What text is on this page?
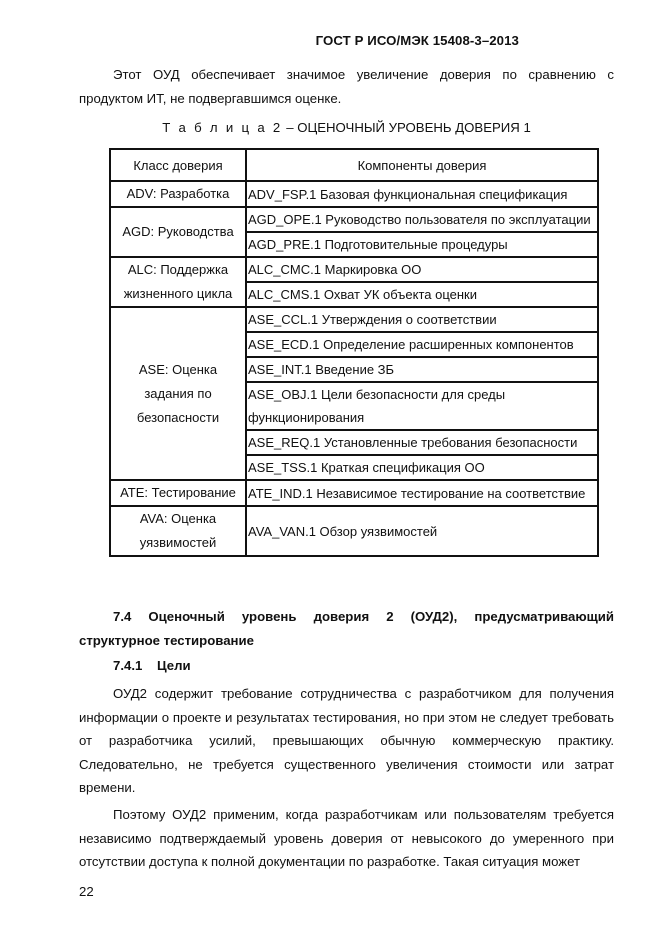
ГОСТ Р ИСО/МЭК 15408-3–2013
Этот ОУД обеспечивает значимое увеличение доверия по сравнению с продуктом ИТ, не подвергавшимся оценке.
Т а б л и ц а 2 – ОЦЕНОЧНЫЙ УРОВЕНЬ ДОВЕРИЯ 1
Класс доверия	Компоненты доверия
ADV: Разработка	ADV_FSP.1 Базовая функциональная спецификация
AGD: Руководства	AGD_OPE.1 Руководство пользователя по эксплуатации
	AGD_PRE.1 Подготовительные процедуры
ALC: Поддержка жизненного цикла	ALC_CMC.1 Маркировка ОО
	ALC_CMS.1 Охват УК объекта оценки
ASE: Оценка задания по безопасности	ASE_CCL.1 Утверждения о соответствии
	ASE_ECD.1 Определение расширенных компонентов
	ASE_INT.1 Введение ЗБ
	ASE_OBJ.1 Цели безопасности для среды функционирования
	ASE_REQ.1 Установленные требования безопасности
	ASE_TSS.1 Краткая спецификация ОО
ATE: Тестирование	ATE_IND.1 Независимое тестирование на соответствие
AVA: Оценка уязвимостей	AVA_VAN.1 Обзор уязвимостей
7.4 Оценочный уровень доверия 2 (ОУД2), предусматривающий
структурное тестирование
7.4.1    Цели
ОУД2 содержит требование сотрудничества с разработчиком для получения информации о проекте и результатах тестирования, но при этом не следует требовать от разработчика усилий, превышающих обычную коммерческую практику. Следовательно, не требуется существенного увеличения стоимости или затрат времени.
Поэтому ОУД2 применим, когда разработчикам или пользователям требуется независимо подтверждаемый уровень доверия от невысокого до умеренного при отсутствии доступа к полной документации по разработке. Такая ситуация может
22
